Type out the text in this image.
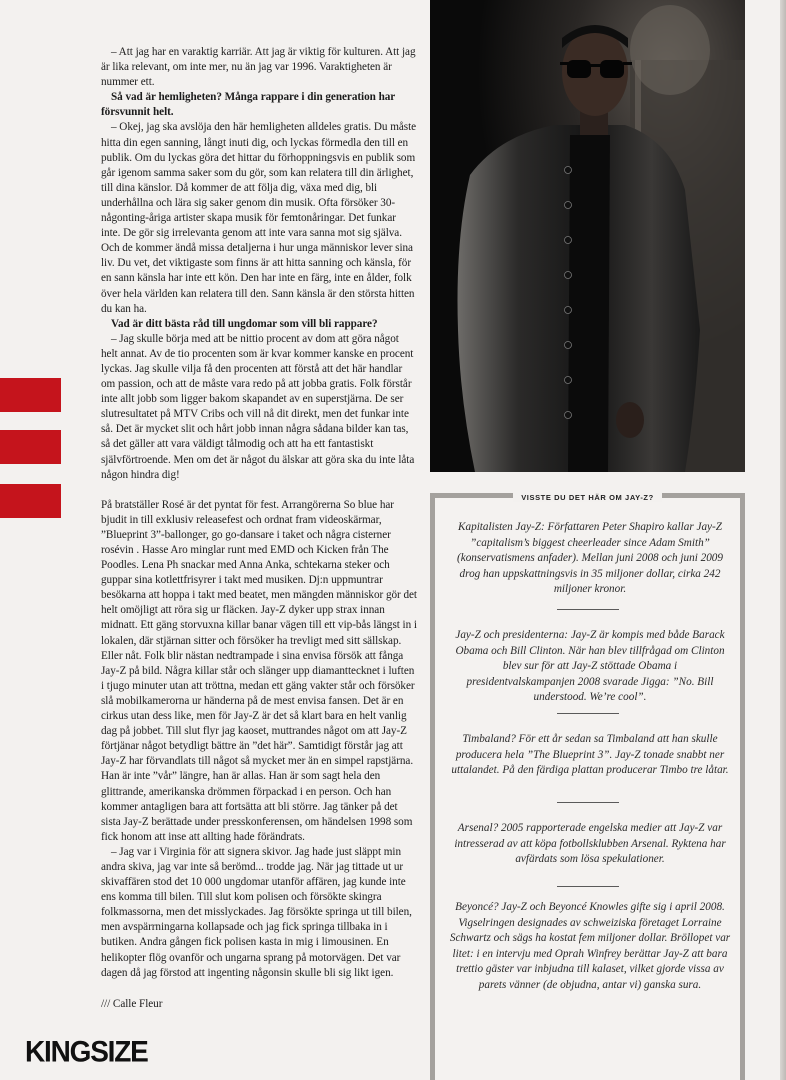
– Att jag har en varaktig karriär. Att jag är viktig för kulturen. Att jag är lika relevant, om inte mer, nu än jag var 1996. Varaktigheten är nummer ett.

Så vad är hemligheten? Många rappare i din generation har försvunnit helt.

– Okej, jag ska avslöja den här hemligheten alldeles gratis. Du måste hitta din egen sanning, långt inuti dig, och lyckas förmedla den till en publik. Om du lyckas göra det hittar du förhoppningsvis en publik som går igenom samma saker som du gör, som kan relatera till din ärlighet, till dina känslor. Då kommer de att följa dig, växa med dig, bli underhållna och lära sig saker genom din musik. Ofta försöker 30-någonting-åriga artister skapa musik för femtonåringar. Det funkar inte. De gör sig irrelevanta genom att inte vara sanna mot sig själva. Och de kommer ändå missa detaljerna i hur unga människor lever sina liv. Du vet, det viktigaste som finns är att hitta sanning och känsla, för en sann känsla har inte ett kön. Den har inte en färg, inte en ålder, folk över hela världen kan relatera till den. Sann känsla är den största hitten du kan ha.

Vad är ditt bästa råd till ungdomar som vill bli rappare?

– Jag skulle börja med att be nittio procent av dom att göra något helt annat. Av de tio procenten som är kvar kommer kanske en procent lyckas. Jag skulle vilja få den procenten att förstå att det här handlar om passion, och att de måste vara redo på att jobba gratis. Folk förstår inte allt jobb som ligger bakom skapandet av en superstjärna. De ser slutresultatet på MTV Cribs och vill nå dit direkt, men det funkar inte så. Det är mycket slit och hårt jobb innan några sådana bilder kan tas, så det gäller att vara väldigt tålmodig och att ha ett fantastiskt självförtroende. Men om det är något du älskar att göra ska du inte låta någon hindra dig!

På bratställer Rosé är det pyntat för fest. Arrangörerna So blue har bjudit in till exklusiv releasefest och ordnat fram videoskärmar, ”Blueprint 3”-ballonger, go go-dansare i taket och några cisterner rosévin . Hasse Aro minglar runt med EMD och Kicken från The Poodles. Lena Ph snackar med Anna Anka, schtekarna steker och guppar sina kotlettfrisyrer i takt med musiken. Dj:n uppmuntrar besökarna att hoppa i takt med beatet, men mängden människor gör det helt omöjligt att röra sig ur fläcken. Jay-Z dyker upp strax innan midnatt. Ett gäng storvuxna killar banar vägen till ett vip-bås längst in i lokalen, där stjärnan sitter och försöker ha trevligt med sitt sällskap. Eller nåt. Folk blir nästan nedtrampade i sina envisa försök att fånga Jay-Z på bild. Några killar står och slänger upp diamanttecknet i luften i tjugo minuter utan att tröttna, medan ett gäng vakter står och försöker slå mobilkamerorna ur händerna på de mest envisa fansen. Det är en cirkus utan dess like, men för Jay-Z är det så klart bara en helt vanlig dag på jobbet. Till slut flyr jag kaoset, muttrandes något om att Jay-Z förtjänar något betydligt bättre än ”det här”. Samtidigt förstår jag att Jay-Z har förvandlats till något så mycket mer än en simpel rapstjärna. Han är inte ”vår” längre, han är allas. Han är som sagt hela den glittrande, amerikanska drömmen förpackad i en person. Och han kommer antagligen bara att fortsätta att bli större. Jag tänker på det sista Jay-Z berättade under presskonferensen, om händelsen 1998 som fick honom att inse att allting hade förändrats.

– Jag var i Virginia för att signera skivor. Jag hade just släppt min andra skiva, jag var inte så berömd... trodde jag. När jag tittade ut ur skivaffären stod det 10 000 ungdomar utanför affären, jag kunde inte ens komma till bilen. Till slut kom polisen och försökte skingra folkmassorna, men det misslyckades. Jag försökte springa ut till bilen, men avspärrningarna kollapsade och jag fick springa tillbaka in i butiken. Andra gången fick polisen kasta in mig i limousinen. En helikopter flög ovanför och ungarna sprang på motorvägen. Det var dagen då jag förstod att ingenting någonsin skulle bli sig likt igen.

/// Calle Fleur

VISSTE DU DET HÄR OM JAY-Z?

Kapitalisten Jay-Z: Författaren Peter Shapiro kallar Jay-Z ”capitalism’s biggest cheerleader since Adam Smith” (konservatismens anfader). Mellan juni 2008 och juni 2009 drog han uppskattningsvis in 35 miljoner dollar, cirka 242 miljoner kronor.

Jay-Z och presidenterna: Jay-Z är kompis med både Barack Obama och Bill Clinton. När han blev tillfrågad om Clinton blev sur för att Jay-Z stöttade Obama i presidentvalskampanjen 2008 svarade Jigga: ”No. Bill understood. We’re cool”.

Timbaland? För ett år sedan sa Timbaland att han skulle producera hela ”The Blueprint 3”. Jay-Z tonade snabbt ner uttalandet. På den färdiga plattan producerar Timbo tre låtar.

Arsenal? 2005 rapporterade engelska medier att Jay-Z var intresserad av att köpa fotbollsklubben Arsenal. Ryktena har avfärdats som lösa spekulationer.

Beyoncé? Jay-Z och Beyoncé Knowles gifte sig i april 2008. Vigselringen designades av schweiziska företaget Lorraine Schwartz och sägs ha kostat fem miljoner dollar. Bröllopet var litet: i en intervju med Oprah Winfrey berättar Jay-Z att bara trettio gäster var inbjudna till kalaset, vilket gjorde vissa av parets vänner (de objudna, antar vi) ganska sura.

KINGSIZE
